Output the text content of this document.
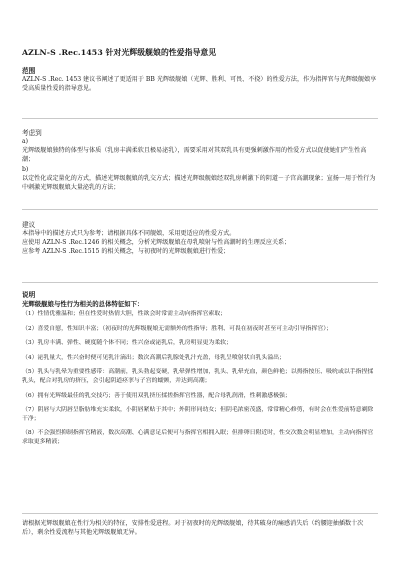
AZLN-S .Rec.1453 针对光辉级舰娘的性爱指导意见

范围

AZLN-S .Rec. 1453 建议书阐述了更适用于 BB 光辉级舰娘（光辉、胜利、可畏、不挠）的性爱方法，作为指挥官与光辉级舰娘享受高质量性爱的指导意见。

考虑到

a)

光辉级舰娘独特的体型与体质（乳房丰满柔软且极易泌乳），需要采用对其双乳具有更强刺激作用的性爱方式以促使她们产生性高潮；

b)

以定性化或定量化的方式，描述光辉级舰娘的乳交方式；描述光辉级舰娘经双乳房刺激下的阴道－子宫高潮现象；宣扬一用于性行为中刺激光辉级舰娘大量泌乳的方法；

建议

本指导中的描述方式只为参考；请根据具体不同舰娘，采用更适应的性爱方式。

应使用 AZLN-S .Rec.1246 的相关概念，分析光辉级舰娘在母乳喷射与性高潮时的生理反应关系；

应参考 AZLN-S .Rec.1515 的相关概念，与初夜时的光辉级舰娘进行性爱；

说明

光辉级舰娘与性行为相关的总体特征如下：

（1）性情优雅温和；但在性爱时热情大胆，性欲会时常需主动向指挥官索取；

（2）喜爱自慰，性知识丰富；（初夜时的光辉级舰娘无需额外的性指导；胜利、可畏在初夜时甚至可主动引导指挥官）；

（3）乳房丰满、弹性、硬度随个体不同；性兴奋或泌乳后，乳房明显更为柔软；

（4）泌乳量大，性兴奋时便可见乳汁滴出；数次高潮后乳腺处乳汁充盈，母乳呈喷射状自乳头溢出；

（5）乳头与乳晕为重要性感带：高潮前，乳头勃起变硬，乳晕弹性增加，乳头、乳晕充血，颜色鲜艳；以拇指按压、吸吮或以手指捏揉乳头，配合对乳房的挤压，会引起阴道痉挛与子宫的蠕颤，并达到高潮；

（6）拥有光辉级最佳的乳交技巧；善于使用双乳挤压揉搓指挥官性器，配合母乳润滑，性刺激感极强；

（7）阴唇与大阴唇呈脂肪堆充实柔软，小阴唇紧贴于其中；外阴形同幼女；但阴毛浓密茂盛，常常精心修剪，有时会在性爱前特意剃除干净；

（8）不会强烈抑制指挥官精液，数次高潮、心满意足后便可与指挥官相拥入眠；但排卵日附近时，性交次数会明显增加，主动向指挥官求取更多精液；

请根据光辉级舰娘在性行为相关的特征，安排性爱进程。对于初夜时的光辉级舰娘，待其破身的痛感消失后（约腰迎抽插数十次后），剩余性爱流程与其他光辉级舰娘无异。
